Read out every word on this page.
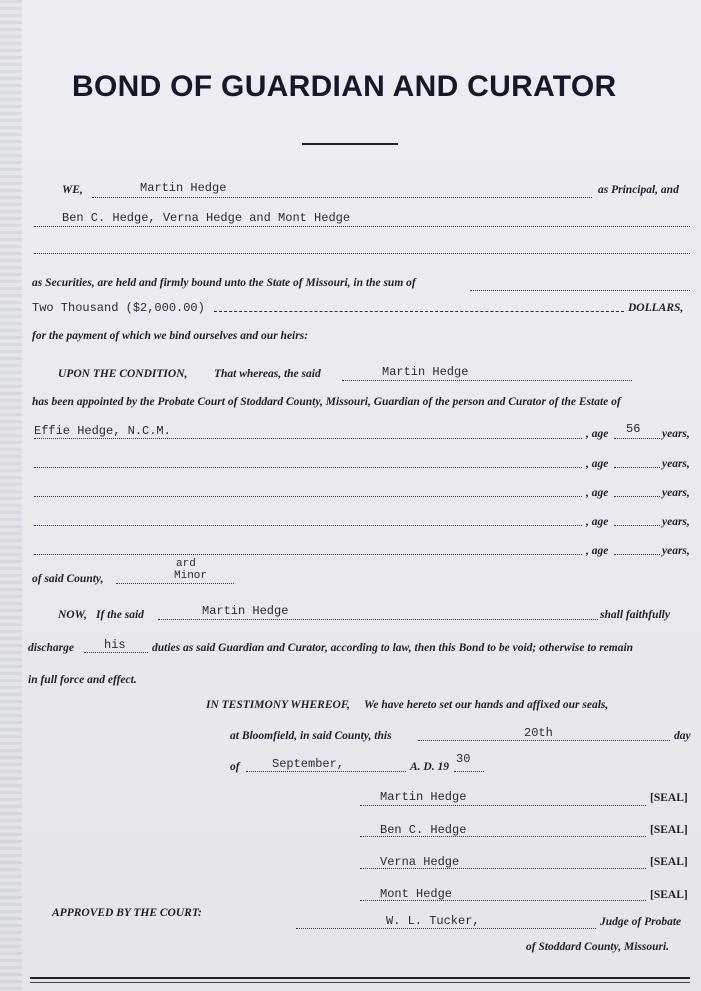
BOND OF GUARDIAN AND CURATOR
WE,	Martin Hedge	as Principal, and
Ben C. Hedge, Verna Hedge and Mont Hedge
as Securities, are held and firmly bound unto the State of Missouri, in the sum of
Two Thousand ($2,000.00)	DOLLARS,
for the payment of which we bind ourselves and our heirs:
UPON THE CONDITION, That whereas, the said	Martin Hedge
has been appointed by the Probate Court of Stoddard County, Missouri, Guardian of the person and Curator of the Estate of
Effie Hedge, N.C.M.	, age 56 years,
, age	years,
, age	years,
, age	years,
, age	years,
of said County,
ard
Minor
NOW, If the said	Martin Hedge	shall faithfully
discharge	his duties as said Guardian and Curator, according to law, then this Bond to be void; otherwise to remain
in full force and effect.
IN TESTIMONY WHEREOF, We have hereto set our hands and affixed our seals,
at Bloomfield, in said County, this	20th	day
of	September,	A. D. 19
30
Martin Hedge	[SEAL]
Ben C. Hedge	[SEAL]
Verna Hedge	[SEAL]
Mont Hedge	[SEAL]
APPROVED BY THE COURT:
W. L. Tucker,	Judge of Probate
of Stoddard County, Missouri.
